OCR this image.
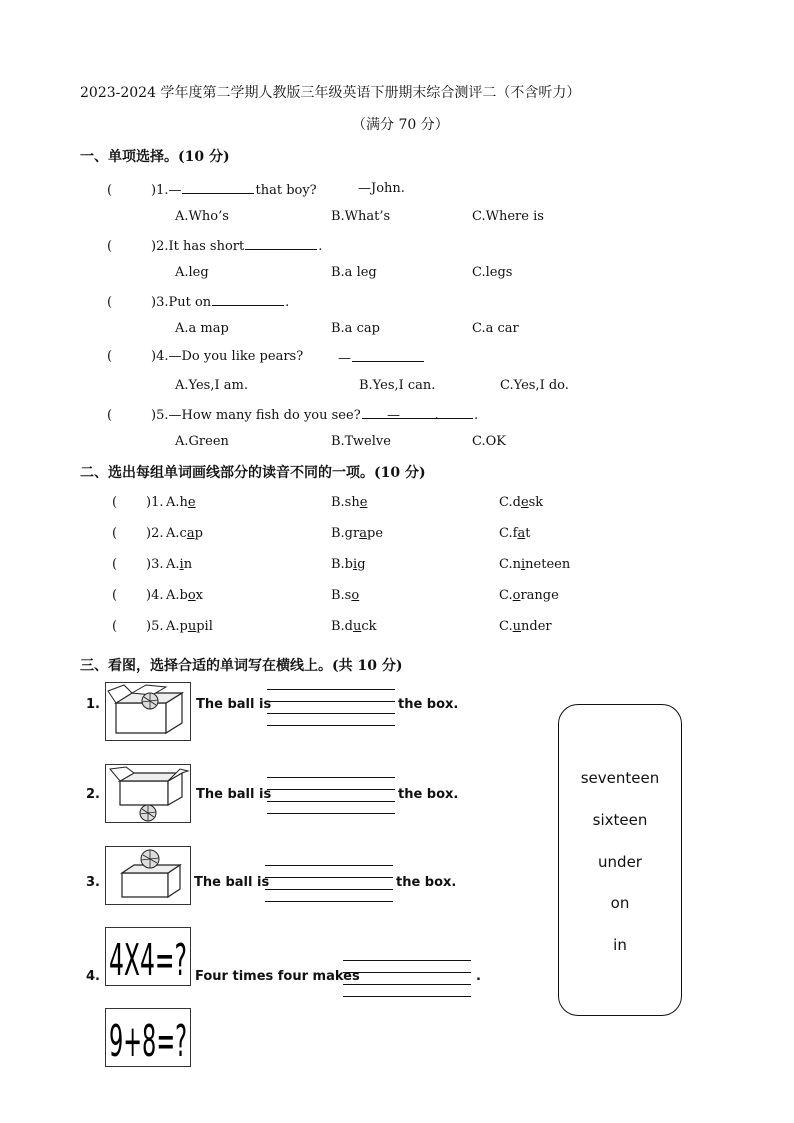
2023-2024 学年度第二学期人教版三年级英语下册期末综合测评二（不含听力）
（满分 70 分）
一、单项选择。(10 分)
(	)1.—	that boy?	—John.
A.Who’s	B.What’s	C.Where is
(	)2.It has short	.
A.leg	B.a leg	C.legs
(	)3.Put on	.
A.a map	B.a cap	C.a car
(	)4.—Do you like pears?	—
A.Yes,I am.	B.Yes,I can.	C.Yes,I do.
(	)5.—How many fish do you see?	.
—	.
A.Green	B.Twelve	C.OK
二、选出每组单词画线部分的读音不同的一项。(10 分)
( )1. A.he	B.she	C.desk
( )2. A.cap	B.grape	C.fat
( )3. A.in	B.big	C.nineteen
( )4. A.box	B.so	C.orange
( )5. A.pupil	B.duck	C.under
三、看图，选择合适的单词写在横线上。(共 10 分)
4X4=?
9+8=?
1.	The ball is	the box.
2.	The ball is	the box.
3.	The ball is	the box.
4.	Four times four makes	.
seventeen
sixteen
under
on
in
